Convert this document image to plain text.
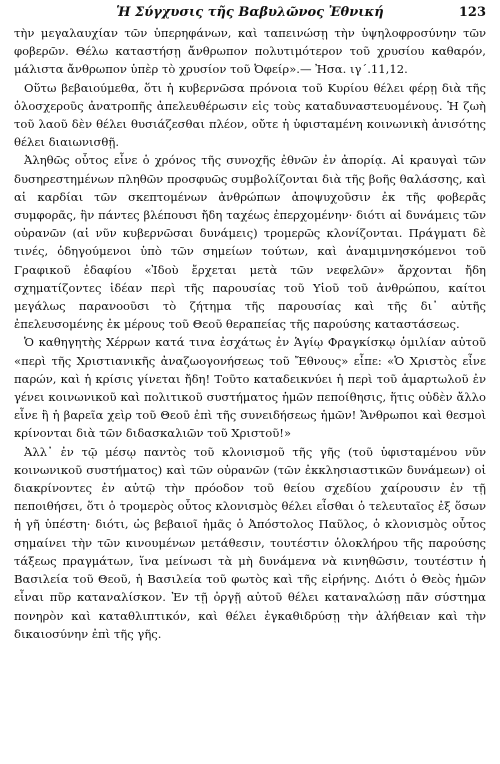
Ἡ Σύγχυσις τῆς Βαβυλῶνος Ἐθνική	123

τὴν μεγαλαυχίαν τῶν ὑπερηφάνων, καὶ ταπεινώσῃ τὴν ὑψηλοφροσύνην τῶν φοβερῶν. Θέλω καταστήσῃ ἄνθρωπον πολυτιμότερον τοῦ χρυσίου καθαρόν, μάλιστα ἄνθρωπον ὑπὲρ τὸ χρυσίον τοῦ Ὀφείρ».— Ἠσα. ιγ΄.11,12.

Οὕτω βεβαιούμεθα, ὅτι ἡ κυβερνῶσα πρόνοια τοῦ Κυρίου θέλει φέρῃ διὰ τῆς ὁλοσχεροῦς ἀνατροπῆς ἀπελευθέρωσιν εἰς τοὺς καταδυναστευομένους. Ἡ ζωὴ τοῦ λαοῦ δὲν θέλει θυσιάζεσθαι πλέον, οὔτε ἡ ὑφισταμένη κοινωνικὴ ἀνισότης θέλει διαιωνισθῇ.

Ἀληθῶς οὗτος εἶνε ὁ χρόνος τῆς συνοχῆς ἐθνῶν ἐν ἀπορίᾳ. Αἱ κραυγαὶ τῶν δυσηρεστημένων πληθῶν προσφυῶς συμβολίζονται διὰ τῆς βοῆς θαλάσσης, καὶ αἱ καρδίαι τῶν σκεπτομένων ἀνθρώπων ἀποψυχοῦσιν ἐκ τῆς φοβερᾶς συμφορᾶς, ἣν πάντες βλέπουσι ἤδη ταχέως ἐπερχομένην· διότι αἱ δυνάμεις τῶν οὐρανῶν (αἱ νῦν κυβερνῶσαι δυνάμεις) τρομερῶς κλονίζονται. Πράγματι δὲ τινές, ὁδηγούμενοι ὑπὸ τῶν σημείων τούτων, καὶ ἀναμιμνησκόμενοι τοῦ Γραφικοῦ ἐδαφίου «Ἰδοὺ ἔρχεται μετὰ τῶν νεφελῶν» ἄρχονται ἤδη σχηματίζοντες ἰδέαν περὶ τῆς παρουσίας τοῦ Υἱοῦ τοῦ ἀνθρώπου, καίτοι μεγάλως παρανοοῦσι τὸ ζήτημα τῆς παρουσίας καὶ τῆς δι᾿ αὐτῆς ἐπελευσομένης ἐκ μέρους τοῦ Θεοῦ θεραπείας τῆς παρούσης καταστάσεως.

Ὁ καθηγητὴς Χέρρων κατά τινα ἐσχάτως ἐν Ἁγίῳ Φραγκίσκῳ ὁμιλίαν αὐτοῦ «περὶ τῆς Χριστιανικῆς ἀναζωογονήσεως τοῦ Ἔθνους» εἶπε: «Ὁ Χριστὸς εἶνε παρών, καὶ ἡ κρίσις γίνεται ἤδη! Τοῦτο καταδεικνύει ἡ περὶ τοῦ ἁμαρτωλοῦ ἐν γένει κοινωνικοῦ καὶ πολιτικοῦ συστήματος ἡμῶν πεποίθησις, ἥτις οὐδὲν ἄλλο εἶνε ἢ ἡ βαρεῖα χεὶρ τοῦ Θεοῦ ἐπὶ τῆς συνειδήσεως ἡμῶν! Ἄνθρωποι καὶ θεσμοὶ κρίνονται διὰ τῶν διδασκαλιῶν τοῦ Χριστοῦ!»

Ἀλλ᾿ ἐν τῷ μέσῳ παντὸς τοῦ κλονισμοῦ τῆς γῆς (τοῦ ὑφισταμένου νῦν κοινωνικοῦ συστήματος) καὶ τῶν οὐρανῶν (τῶν ἐκκλησιαστικῶν δυνάμεων) οἱ διακρίνοντες ἐν αὐτῷ τὴν πρόοδον τοῦ θείου σχεδίου χαίρουσιν ἐν τῇ πεποιθήσει, ὅτι ὁ τρομερὸς οὗτος κλονισμὸς θέλει εἶσθαι ὁ τελευταῖος ἐξ ὅσων ἡ γῆ ὑπέστη· διότι, ὡς βεβαιοῖ ἡμᾶς ὁ Ἀπόστολος Παῦλος, ὁ κλονισμὸς οὗτος σημαίνει τὴν τῶν κινουμένων μετάθεσιν, τουτέστιν ὁλοκλήρου τῆς παρούσης τάξεως πραγμάτων, ἵνα μείνωσι τὰ μὴ δυνάμενα νὰ κινηθῶσιν, τουτέστιν ἡ Βασιλεία τοῦ Θεοῦ, ἡ Βασιλεία τοῦ φωτὸς καὶ τῆς εἰρήνης. Διότι ὁ Θεὸς ἡμῶν εἶναι πῦρ καταναλίσκον. Ἐν τῇ ὀργῇ αὐτοῦ θέλει καταναλώσῃ πᾶν σύστημα πονηρὸν καὶ καταθλιπτικόν, καὶ θέλει ἐγκαθιδρύσῃ τὴν ἀλήθειαν καὶ τὴν δικαιοσύνην ἐπὶ τῆς γῆς.
